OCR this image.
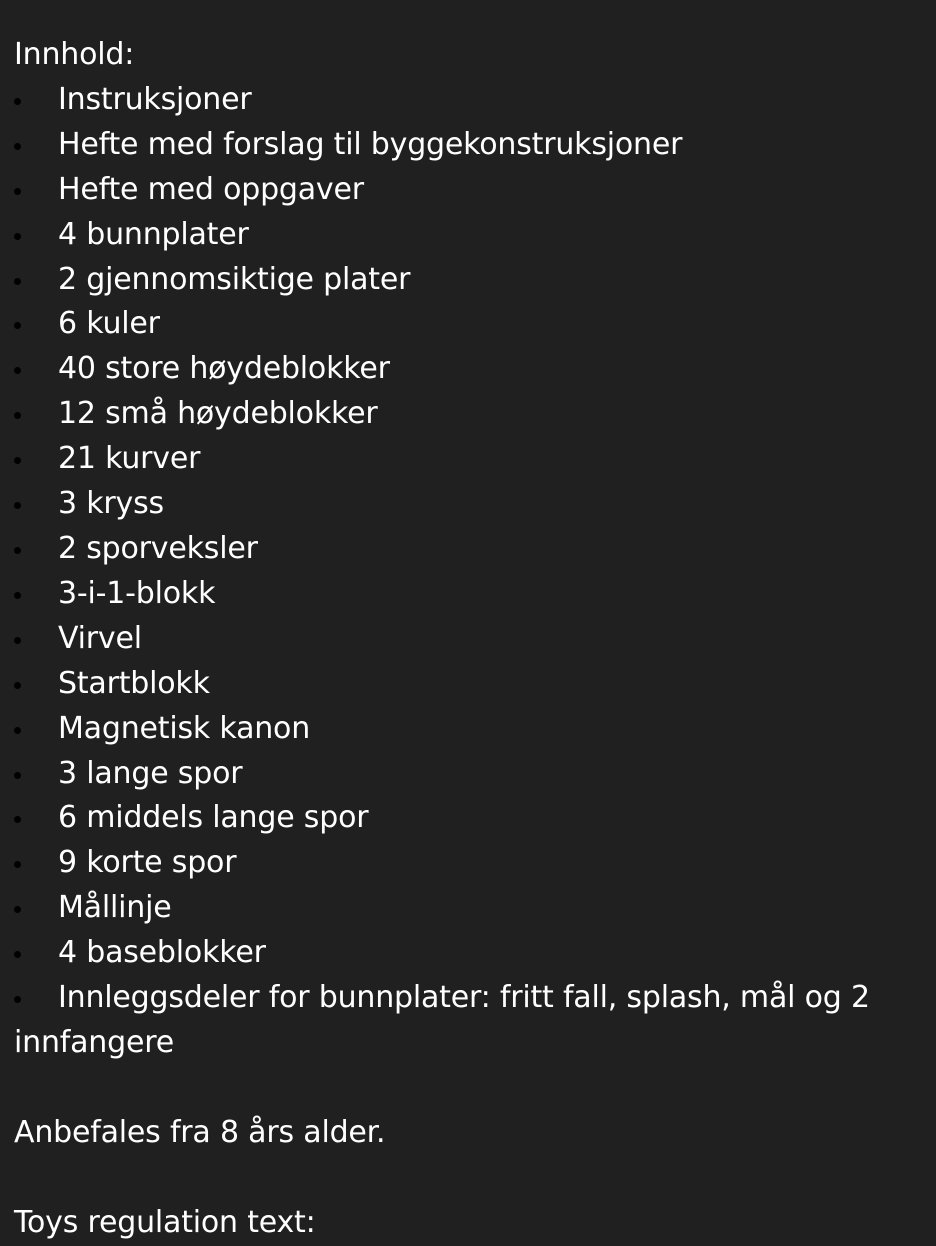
Innhold:

Instruksjoner
Hefte med forslag til byggekonstruksjoner
Hefte med oppgaver
4 bunnplater
2 gjennomsiktige plater
6 kuler
40 store høydeblokker
12 små høydeblokker
21 kurver
3 kryss
2 sporveksler
3-i-1-blokk
Virvel
Startblokk
Magnetisk kanon
3 lange spor
6 middels lange spor
9 korte spor
Mållinje
4 baseblokker
Innleggsdeler for bunnplater: fritt fall, splash, mål og 2 innfangere

Anbefales fra 8 års alder.

Toys regulation text:
